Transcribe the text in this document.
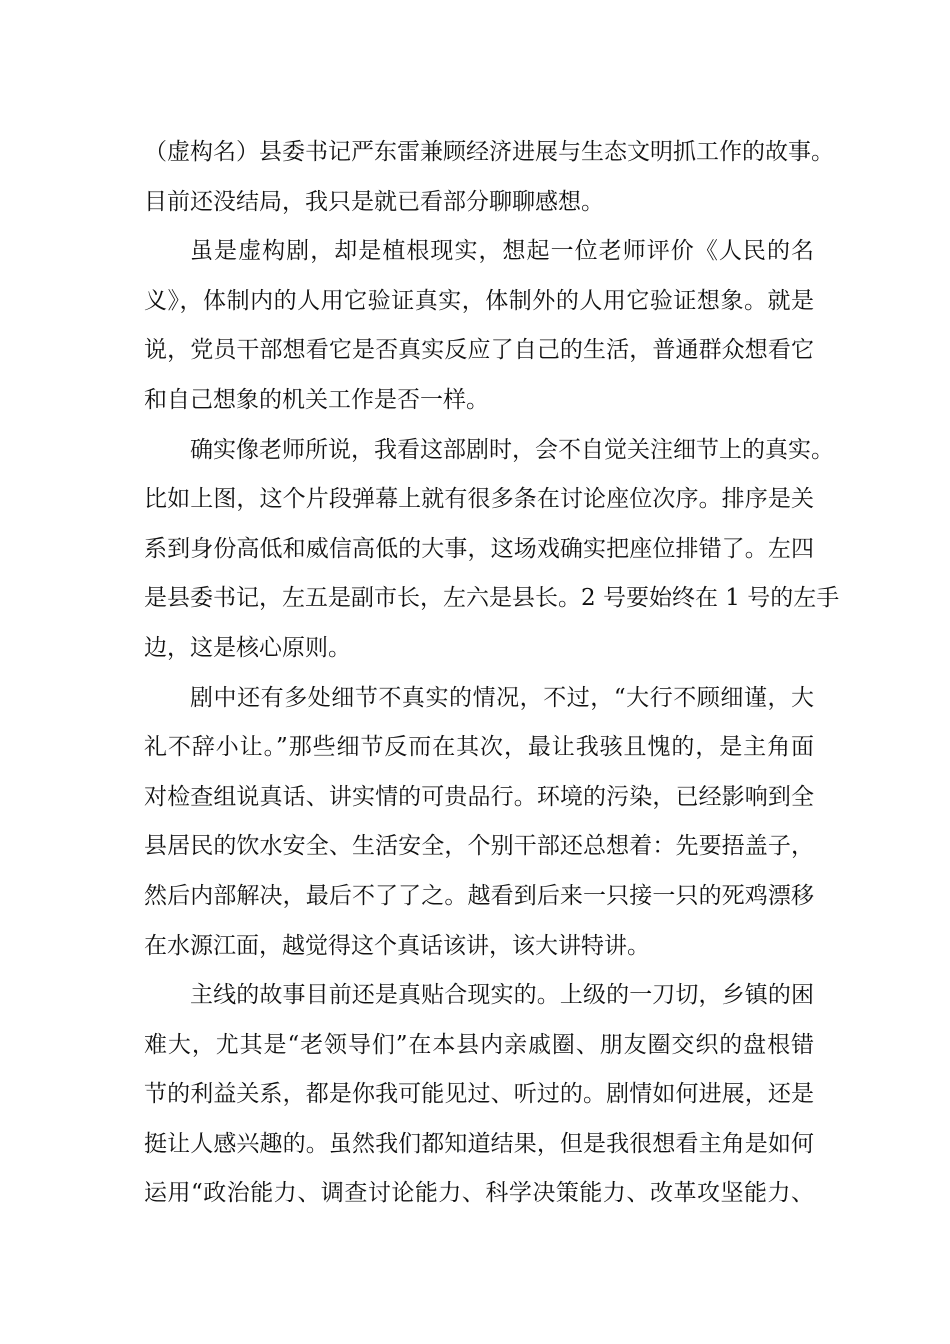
（虚构名）县委书记严东雷兼顾经济进展与生态文明抓工作的故事。
目前还没结局，我只是就已看部分聊聊感想。
虽是虚构剧，却是植根现实，想起一位老师评价《人民的名
义》，体制内的人用它验证真实，体制外的人用它验证想象。就是
说，党员干部想看它是否真实反应了自己的生活，普通群众想看它
和自己想象的机关工作是否一样。
确实像老师所说，我看这部剧时，会不自觉关注细节上的真实。
比如上图，这个片段弹幕上就有很多条在讨论座位次序。排序是关
系到身份高低和威信高低的大事，这场戏确实把座位排错了。左四
是县委书记，左五是副市长，左六是县长。2 号要始终在 1 号的左手
边，这是核心原则。
剧中还有多处细节不真实的情况，不过，“大行不顾细谨，大
礼不辞小让。”那些细节反而在其次，最让我骇且愧的，是主角面
对检查组说真话、讲实情的可贵品行。环境的污染，已经影响到全
县居民的饮水安全、生活安全，个别干部还总想着：先要捂盖子，
然后内部解决，最后不了了之。越看到后来一只接一只的死鸡漂移
在水源江面，越觉得这个真话该讲，该大讲特讲。
主线的故事目前还是真贴合现实的。上级的一刀切，乡镇的困
难大，尤其是“老领导们”在本县内亲戚圈、朋友圈交织的盘根错
节的利益关系，都是你我可能见过、听过的。剧情如何进展，还是
挺让人感兴趣的。虽然我们都知道结果，但是我很想看主角是如何
运用“政治能力、调查讨论能力、科学决策能力、改革攻坚能力、
